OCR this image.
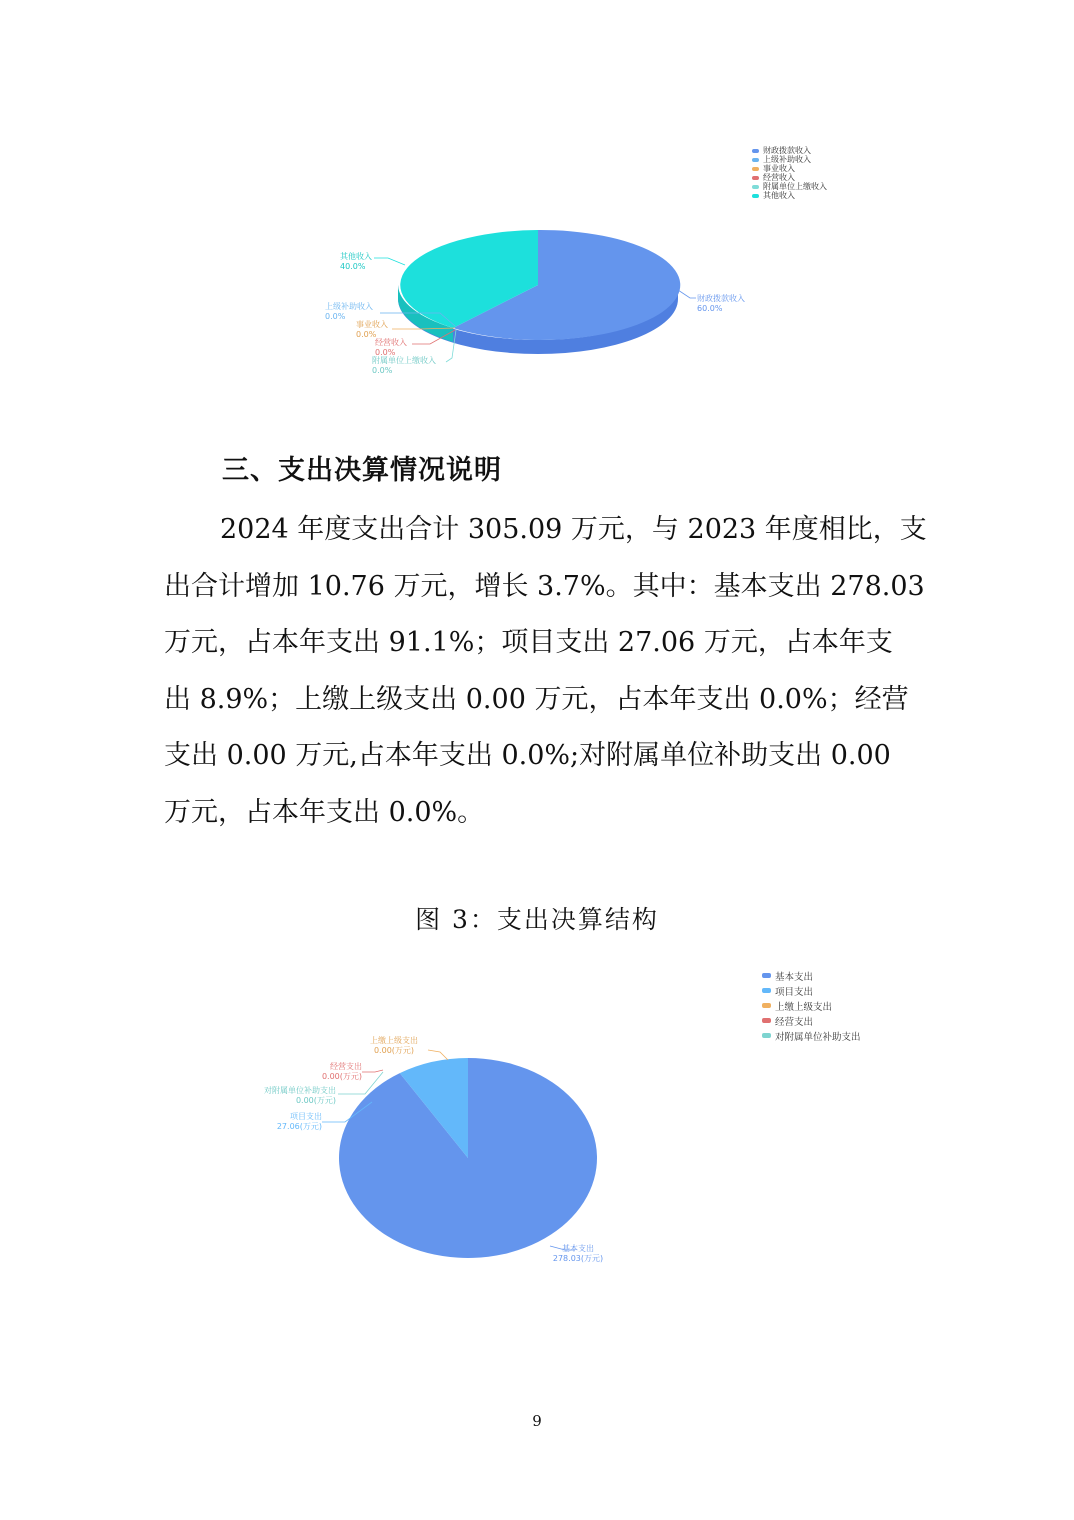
财政拨款收入
上级补助收入
事业收入
经营收入
附属单位上缴收入
其他收入
财政拨款收入
60.0%
其他收入
40.0%
上级补助收入
0.0%
事业收入
0.0%
经营收入
0.0%
附属单位上缴收入
0.0%
三、支出决算情况说明
2024 年度支出合计 305.09 万元，与 2023 年度相比，支
出合计增加 10.76 万元，增长 3.7%。其中：基本支出 278.03
万元，占本年支出 91.1%；项目支出 27.06 万元，占本年支
出 8.9%；上缴上级支出 0.00 万元，占本年支出 0.0%；经营
支出 0.00 万元,占本年支出 0.0%;对附属单位补助支出 0.00
万元，占本年支出 0.0%。
图 3：支出决算结构
基本支出
项目支出
上缴上级支出
经营支出
对附属单位补助支出
基本支出
278.03(万元)
项目支出
27.06(万元)
对附属单位补助支出
0.00(万元)
经营支出
0.00(万元)
上缴上级支出
0.00(万元)
9
